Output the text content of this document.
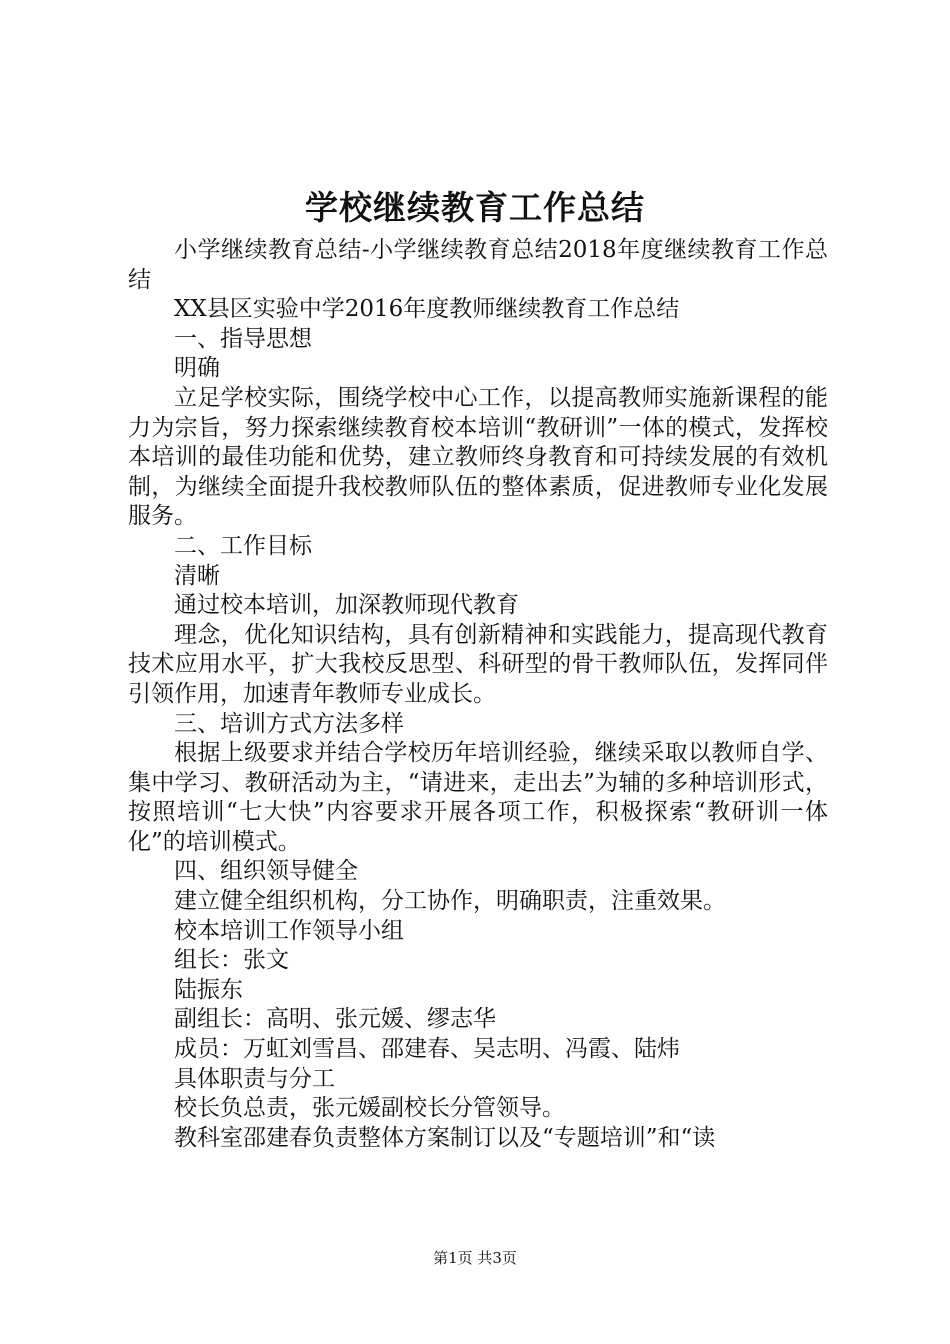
学校继续教育工作总结

小学继续教育总结-小学继续教育总结2018年度继续教育工作总结

XX县区实验中学2016年度教师继续教育工作总结

一、指导思想

明确

立足学校实际，围绕学校中心工作，以提高教师实施新课程的能力为宗旨，努力探索继续教育校本培训“教研训”一体的模式，发挥校本培训的最佳功能和优势，建立教师终身教育和可持续发展的有效机制，为继续全面提升我校教师队伍的整体素质，促进教师专业化发展服务。

二、工作目标

清晰

通过校本培训，加深教师现代教育

理念，优化知识结构，具有创新精神和实践能力，提高现代教育技术应用水平，扩大我校反思型、科研型的骨干教师队伍，发挥同伴引领作用，加速青年教师专业成长。

三、培训方式方法多样

根据上级要求并结合学校历年培训经验，继续采取以教师自学、集中学习、教研活动为主，“请进来，走出去”为辅的多种培训形式，按照培训“七大快”内容要求开展各项工作，积极探索“教研训一体化”的培训模式。

四、组织领导健全

建立健全组织机构，分工协作，明确职责，注重效果。

校本培训工作领导小组

组长：张文

陆振东

副组长：高明、张元媛、缪志华

成员：万虹刘雪昌、邵建春、吴志明、冯霞、陆炜

具体职责与分工

校长负总责，张元媛副校长分管领导。

教科室邵建春负责整体方案制订以及“专题培训”和“读

第1页 共3页
